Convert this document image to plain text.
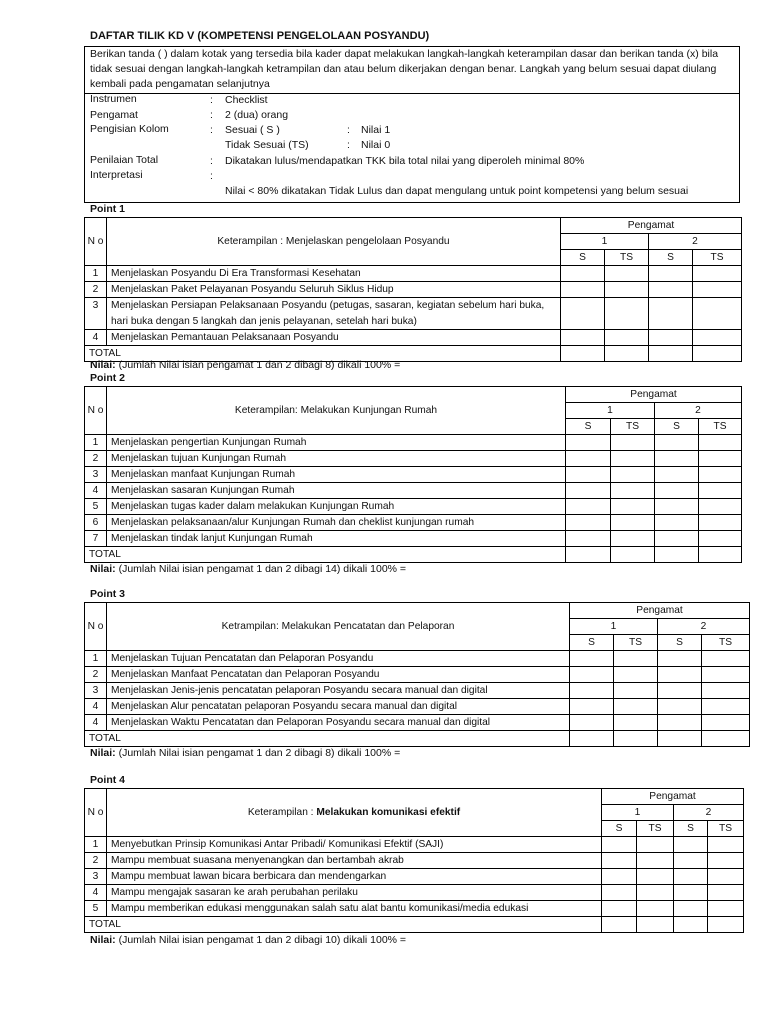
DAFTAR TILIK KD V (KOMPETENSI PENGELOLAAN POSYANDU)
Berikan tanda ( ) dalam kotak yang tersedia bila kader dapat melakukan langkah-langkah keterampilan dasar dan berikan tanda (x) bila tidak sesuai dengan langkah-langkah ketrampilan dan atau belum dikerjakan dengan benar. Langkah yang belum sesuai dapat diulang kembali pada pengamatan selanjutnya
Instrumen	: Checklist
Pengamat	: 2 (dua) orang
Pengisian Kolom	: Sesuai ( S )	: Nilai 1
Tidak Sesuai (TS)	: Nilai 0
Penilaian Total	: Dikatakan lulus/mendapatkan TKK bila total nilai yang diperoleh minimal 80%
Interpretasi	:
Nilai < 80% dikatakan Tidak Lulus dan dapat mengulang untuk point kompetensi yang belum sesuai
Point 1
N o	Keterampilan : Menjelaskan pengelolaan Posyandu	Pengamat			
		1		2	
		S	TS	S	TS
1	Menjelaskan Posyandu Di Era Transformasi Kesehatan				
2	Menjelaskan Paket Pelayanan Posyandu Seluruh Siklus Hidup				
3	Menjelaskan Persiapan Pelaksanaan Posyandu (petugas, sasaran, kegiatan sebelum hari buka, hari buka dengan 5 langkah dan jenis pelayanan, setelah hari buka)				
4	Menjelaskan Pemantauan Pelaksanaan Posyandu				
TOTAL					
Nilai: (Jumlah Nilai isian pengamat 1 dan 2 dibagi 8) dikali 100% =
Point 2
N o	Keterampilan: Melakukan Kunjungan Rumah	Pengamat			
		1		2	
		S	TS	S	TS
1	Menjelaskan pengertian Kunjungan Rumah				
2	Menjelaskan tujuan Kunjungan Rumah				
3	Menjelaskan manfaat Kunjungan Rumah				
4	Menjelaskan sasaran Kunjungan Rumah				
5	Menjelaskan tugas kader dalam melakukan Kunjungan Rumah				
6	Menjelaskan pelaksanaan/alur Kunjungan Rumah dan cheklist kunjungan rumah				
7	Menjelaskan tindak lanjut Kunjungan Rumah				
TOTAL					
Nilai: (Jumlah Nilai isian pengamat 1 dan 2 dibagi 14) dikali 100% =
Point 3
N o	Ketrampilan: Melakukan Pencatatan dan Pelaporan	Pengamat			
		1		2	
		S	TS	S	TS
1	Menjelaskan Tujuan Pencatatan dan Pelaporan Posyandu				
2	Menjelaskan Manfaat Pencatatan dan Pelaporan Posyandu				
3	Menjelaskan Jenis-jenis pencatatan pelaporan Posyandu secara manual dan digital				
4	Menjelaskan Alur pencatatan pelaporan Posyandu secara manual dan digital				
4	Menjelaskan Waktu Pencatatan dan Pelaporan Posyandu secara manual dan digital				
TOTAL					
Nilai: (Jumlah Nilai isian pengamat 1 dan 2 dibagi 8) dikali 100% =
Point 4
N o	Keterampilan : Melakukan komunikasi efektif	Pengamat			
		1		2	
		S	TS	S	TS
1	Menyebutkan Prinsip Komunikasi Antar Pribadi/ Komunikasi Efektif (SAJI)				
2	Mampu membuat suasana menyenangkan dan bertambah akrab				
3	Mampu membuat lawan bicara berbicara dan mendengarkan				
4	Mampu mengajak sasaran ke arah perubahan perilaku				
5	Mampu memberikan edukasi menggunakan salah satu alat bantu komunikasi/media edukasi				
TOTAL					
Nilai: (Jumlah Nilai isian pengamat 1 dan 2 dibagi 10) dikali 100% =
